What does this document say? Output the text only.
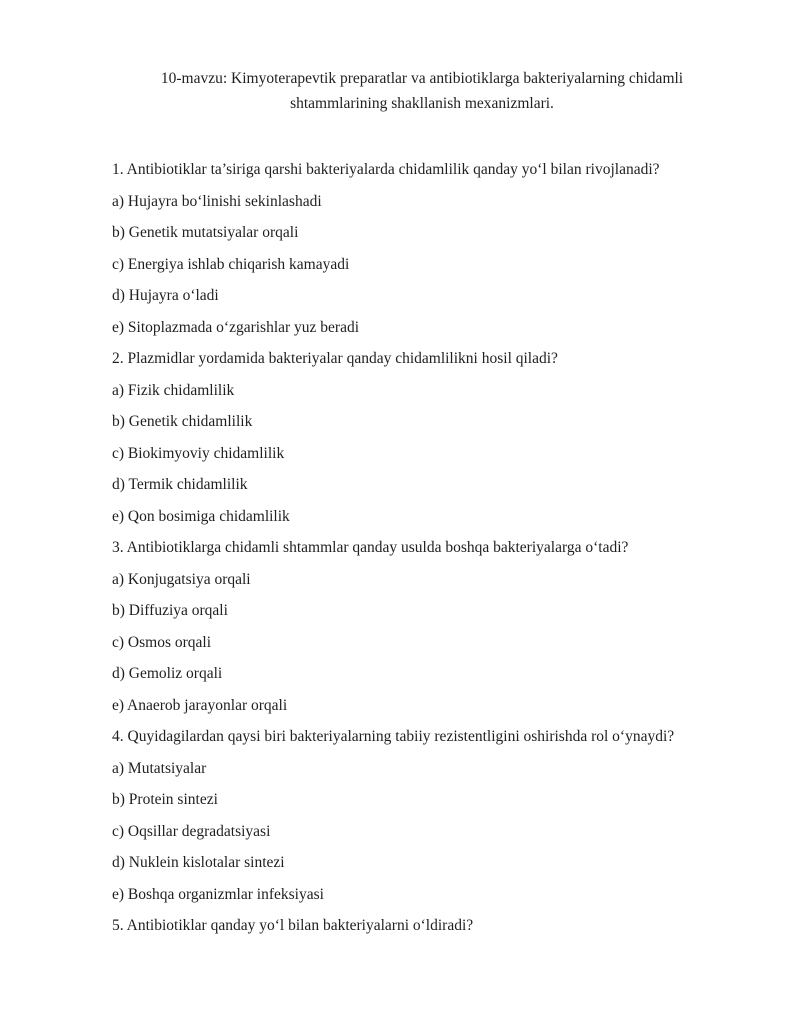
10-mavzu: Kimyoterapevtik preparatlar va antibiotiklarga bakteriyalarning chidamli shtammlarining shakllanish mexanizmlari.

1. Antibiotiklar ta’siriga qarshi bakteriyalarda chidamlilik qanday yoʻl bilan rivojlanadi?

a) Hujayra boʻlinishi sekinlashadi

b) Genetik mutatsiyalar orqali

c) Energiya ishlab chiqarish kamayadi

d) Hujayra oʻladi

e) Sitoplazmada oʻzgarishlar yuz beradi

2. Plazmidlar yordamida bakteriyalar qanday chidamlilikni hosil qiladi?

a) Fizik chidamlilik

b) Genetik chidamlilik

c) Biokimyoviy chidamlilik

d) Termik chidamlilik

e) Qon bosimiga chidamlilik

3. Antibiotiklarga chidamli shtammlar qanday usulda boshqa bakteriyalarga oʻtadi?

a) Konjugatsiya orqali

b) Diffuziya orqali

c) Osmos orqali

d) Gemoliz orqali

e) Anaerob jarayonlar orqali

4. Quyidagilardan qaysi biri bakteriyalarning tabiiy rezistentligini oshirishda rol oʻynaydi?

a) Mutatsiyalar

b) Protein sintezi

c) Oqsillar degradatsiyasi

d) Nuklein kislotalar sintezi

e) Boshqa organizmlar infeksiyasi

5. Antibiotiklar qanday yoʻl bilan bakteriyalarni oʻldiradi?
